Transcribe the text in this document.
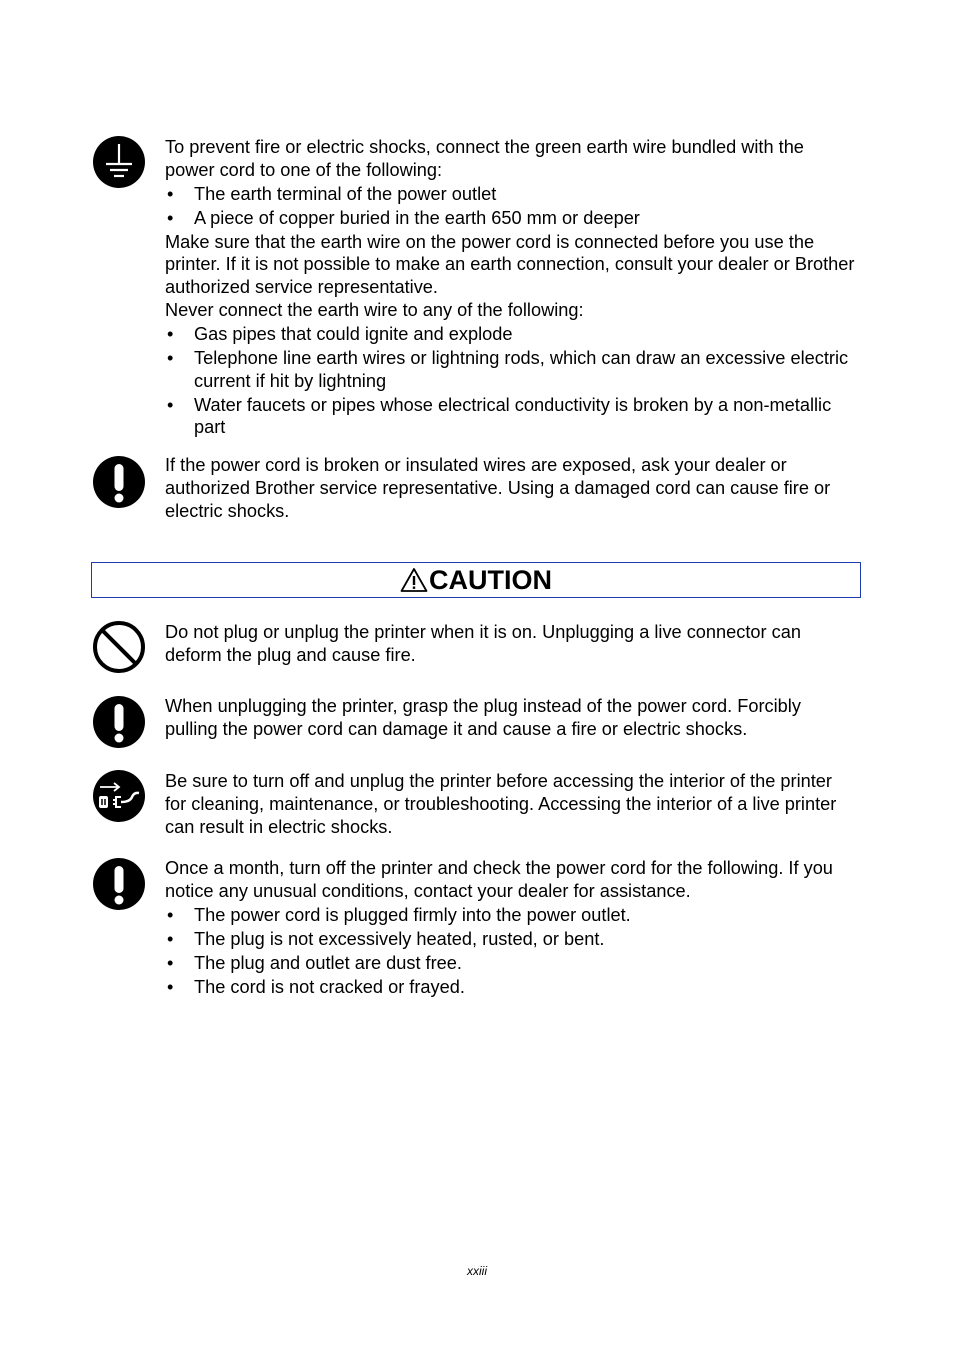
To prevent fire or electric shocks, connect the green earth wire bundled with the power cord to one of the following:

• The earth terminal of the power outlet
• A piece of copper buried in the earth 650 mm or deeper

Make sure that the earth wire on the power cord is connected before you use the printer. If it is not possible to make an earth connection, consult your dealer or Brother authorized service representative.

Never connect the earth wire to any of the following:

• Gas pipes that could ignite and explode
• Telephone line earth wires or lightning rods, which can draw an excessive electric current if hit by lightning
• Water faucets or pipes whose electrical conductivity is broken by a non-metallic part

If the power cord is broken or insulated wires are exposed, ask your dealer or authorized Brother service representative. Using a damaged cord can cause fire or electric shocks.

CAUTION

Do not plug or unplug the printer when it is on. Unplugging a live connector can deform the plug and cause fire.

When unplugging the printer, grasp the plug instead of the power cord. Forcibly pulling the power cord can damage it and cause a fire or electric shocks.

Be sure to turn off and unplug the printer before accessing the interior of the printer for cleaning, maintenance, or troubleshooting. Accessing the interior of a live printer can result in electric shocks.

Once a month, turn off the printer and check the power cord for the following. If you notice any unusual conditions, contact your dealer for assistance.

• The power cord is plugged firmly into the power outlet.
• The plug is not excessively heated, rusted, or bent.
• The plug and outlet are dust free.
• The cord is not cracked or frayed.
xxiii
